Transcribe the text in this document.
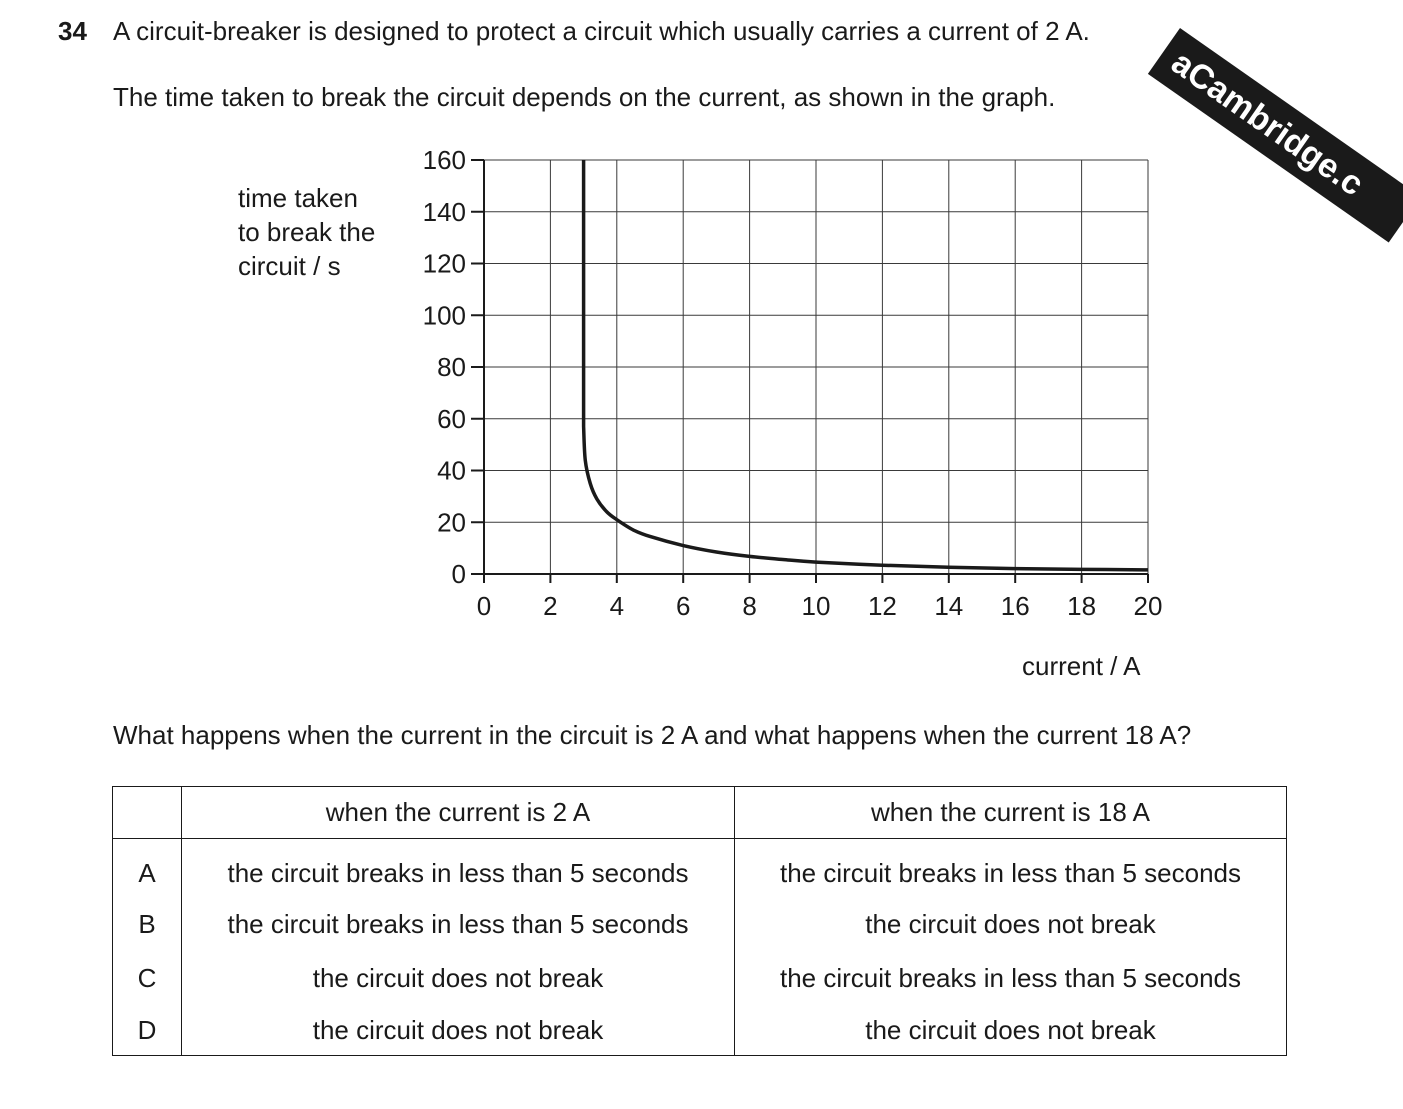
34 A circuit-breaker is designed to protect a circuit which usually carries a current of 2 A.
The time taken to break the circuit depends on the current, as shown in the graph.	aCambridge.c
time taken
to break the
circuit / s
0
20
40
60
80
100
120
140
160
0 2 4 6 8 10 12 14 16 18 20
current / A
What happens when the current in the circuit is 2 A and what happens when the current 18 A?
	when the current is 2 A	when the current is 18 A
A	the circuit breaks in less than 5 seconds	the circuit breaks in less than 5 seconds
B	the circuit breaks in less than 5 seconds	the circuit does not break
C	the circuit does not break	the circuit breaks in less than 5 seconds
D	the circuit does not break	the circuit does not break
